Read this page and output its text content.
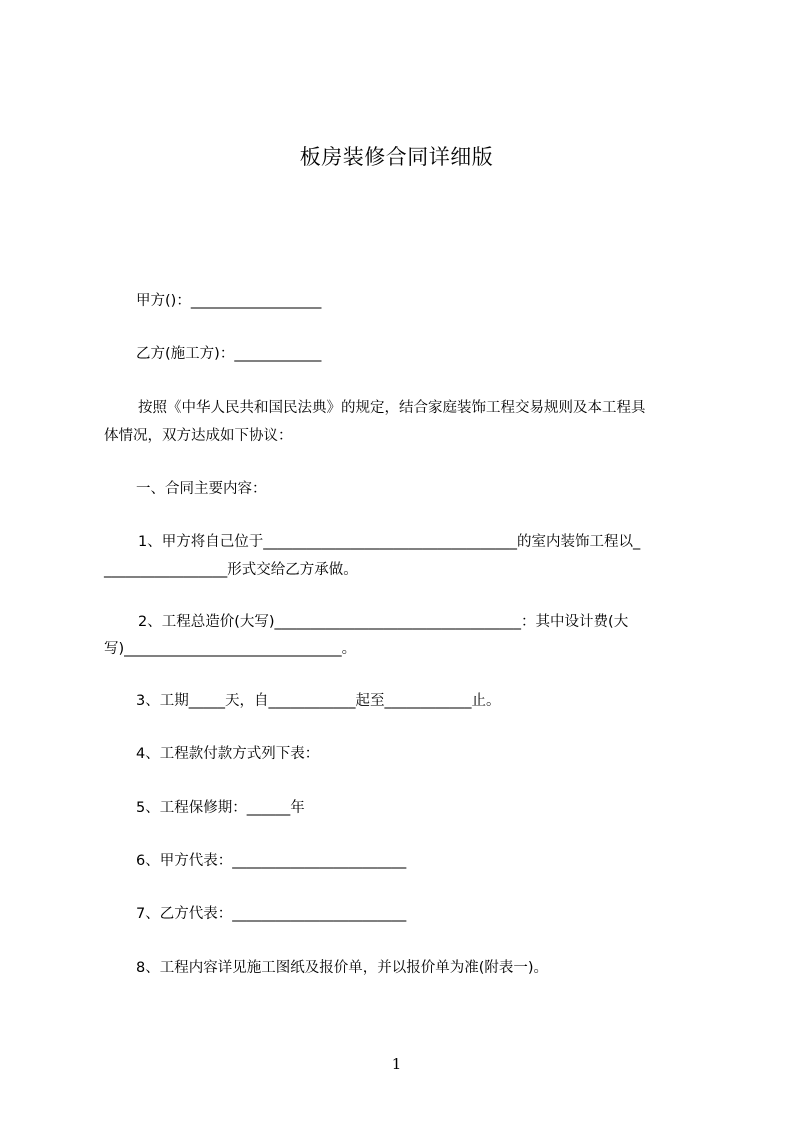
板房装修合同详细版
甲方()：__________________
乙方(施工方)：____________
按照《中华人民共和国民法典》的规定，结合家庭装饰工程交易规则及本工程具
体情况，双方达成如下协议：
一、合同主要内容：
1、甲方将自己位于___________________________________的室内装饰工程以_
_________________形式交给乙方承做。
2、工程总造价(大写)__________________________________：其中设计费(大
写)______________________________。
3、工期_____天，自____________起至____________止。
4、工程款付款方式列下表：
5、工程保修期：______年
6、甲方代表：________________________
7、乙方代表：________________________
8、工程内容详见施工图纸及报价单，并以报价单为准(附表一)。
1
